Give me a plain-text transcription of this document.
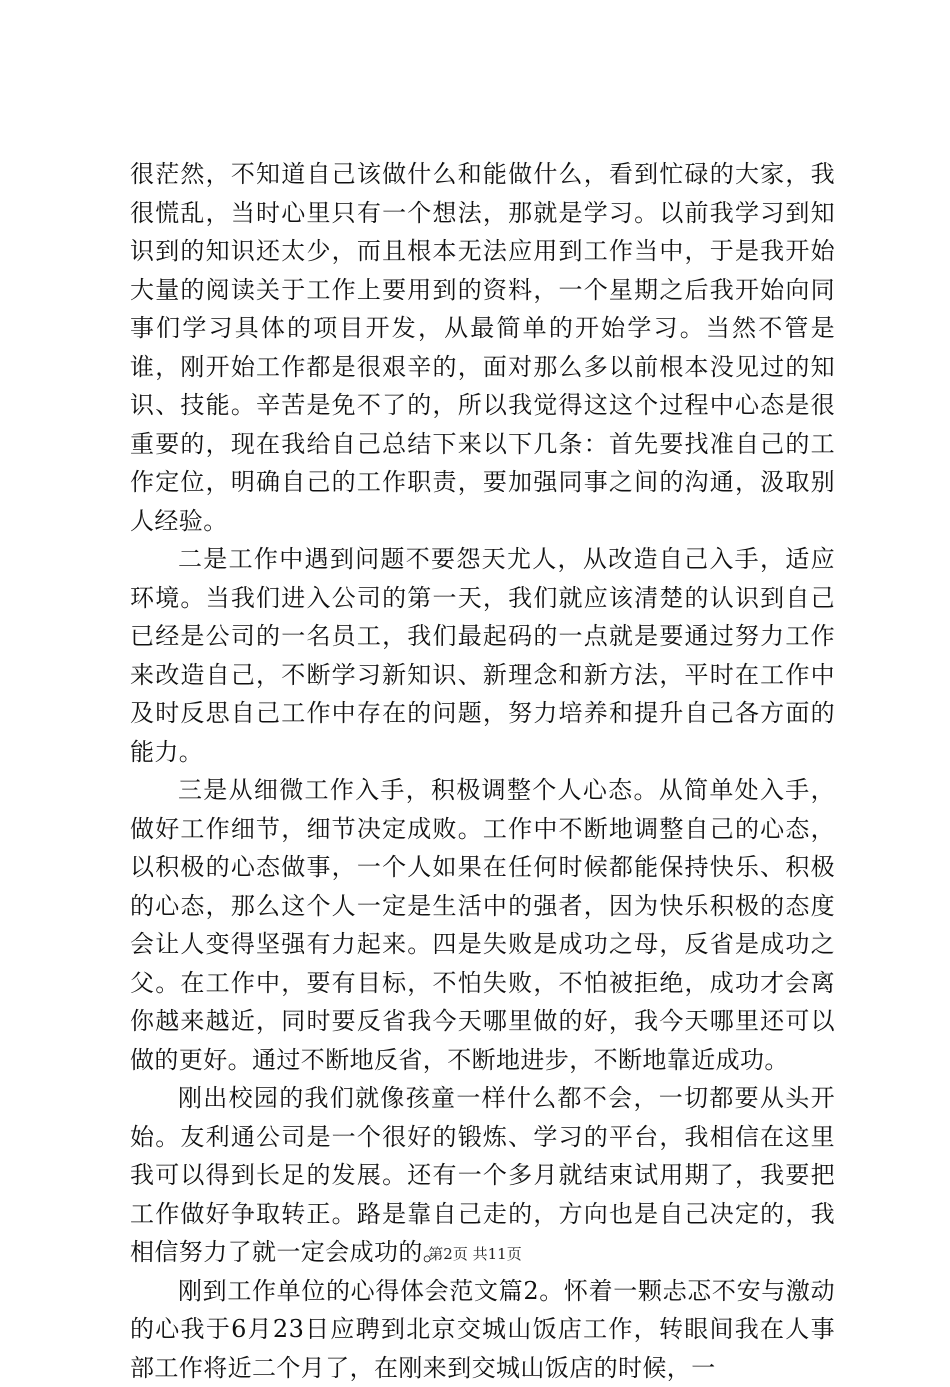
很茫然，不知道自己该做什么和能做什么，看到忙碌的大家，我很慌乱，当时心里只有一个想法，那就是学习。以前我学习到知识到的知识还太少，而且根本无法应用到工作当中，于是我开始大量的阅读关于工作上要用到的资料，一个星期之后我开始向同事们学习具体的项目开发，从最简单的开始学习。当然不管是谁，刚开始工作都是很艰辛的，面对那么多以前根本没见过的知识、技能。辛苦是免不了的，所以我觉得这这个过程中心态是很重要的，现在我给自己总结下来以下几条：首先要找准自己的工作定位，明确自己的工作职责，要加强同事之间的沟通，汲取别人经验。

二是工作中遇到问题不要怨天尤人，从改造自己入手，适应环境。当我们进入公司的第一天，我们就应该清楚的认识到自己已经是公司的一名员工，我们最起码的一点就是要通过努力工作来改造自己，不断学习新知识、新理念和新方法，平时在工作中及时反思自己工作中存在的问题，努力培养和提升自己各方面的能力。

三是从细微工作入手，积极调整个人心态。从简单处入手，做好工作细节，细节决定成败。工作中不断地调整自己的心态，以积极的心态做事，一个人如果在任何时候都能保持快乐、积极的心态，那么这个人一定是生活中的强者，因为快乐积极的态度会让人变得坚强有力起来。四是失败是成功之母，反省是成功之父。在工作中，要有目标，不怕失败，不怕被拒绝，成功才会离你越来越近，同时要反省我今天哪里做的好，我今天哪里还可以做的更好。通过不断地反省，不断地进步，不断地靠近成功。

刚出校园的我们就像孩童一样什么都不会，一切都要从头开始。友利通公司是一个很好的锻炼、学习的平台，我相信在这里我可以得到长足的发展。还有一个多月就结束试用期了，我要把工作做好争取转正。路是靠自己走的，方向也是自己决定的，我相信努力了就一定会成功的。

刚到工作单位的心得体会范文篇2。怀着一颗忐忑不安与激动的心我于6月23日应聘到北京交城山饭店工作，转眼间我在人事部工作将近二个月了，在刚来到交城山饭店的时候，一

第2页 共11页
